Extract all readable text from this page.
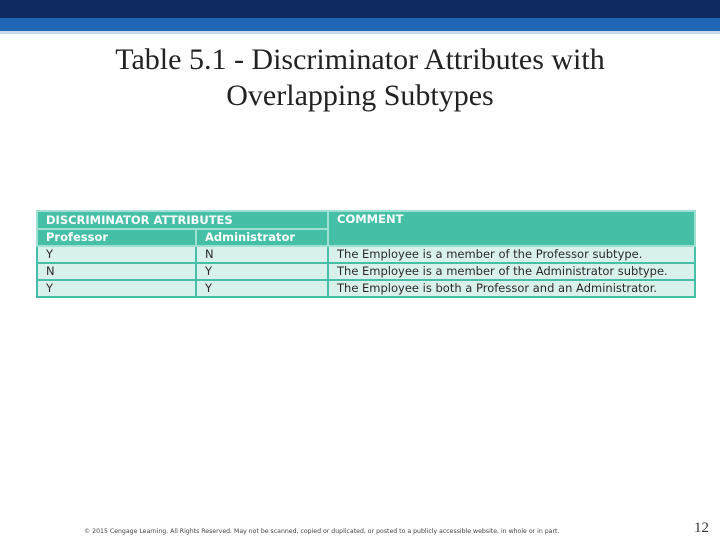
Table 5.1 - Discriminator Attributes with Overlapping Subtypes
DISCRIMINATOR ATTRIBUTES		COMMENT
Professor	Administrator	
Y	N	The Employee is a member of the Professor subtype.
N	Y	The Employee is a member of the Administrator subtype.
Y	Y	The Employee is both a Professor and an Administrator.
© 2015 Cengage Learning. All Rights Reserved. May not be scanned, copied or duplicated, or posted to a publicly accessible website, in whole or in part.	12
